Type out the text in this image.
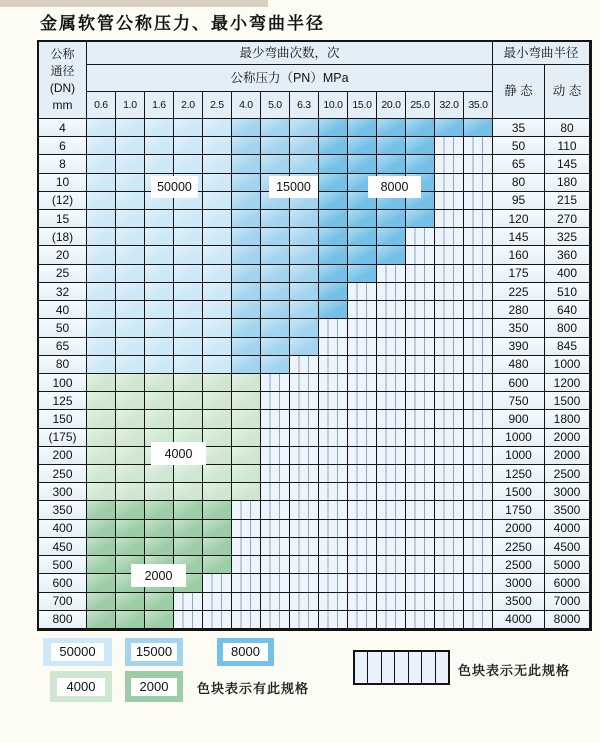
金属软管公称压力、最小弯曲半径
公称
通径
(DN)
mm
最少弯曲次数，次	最小弯曲半径
公称压力（PN）MPa
静 态	动 态
0.6	1.0	1.6	2.0	2.5	4.0	5.0	6.3	10.0 15.0 20.0 25.0 32.0 35.0
4	35	80
6	50	110
8	65	145
10	80	180
(12)	95	215
15	120	270
(18)	145	325
20	160	360
25	175	400
32	225	510
40	280	640
50	350	800
65	390	845
80	480	1000
100	600	1200
125	750	1500
150	900	1800
(175)	1000	2000
200	1000	2000
250	1250	2500
300	1500	3000
350	1750	3500
400	2000	4000
450	2250	4500
500	2500	5000
600	3000	6000
700	3500	7000
800	4000	8000
50000	15000	8000
4000
2000
50000	15000	8000
4000	2000	色块表示有此规格
色块表示无此规格
